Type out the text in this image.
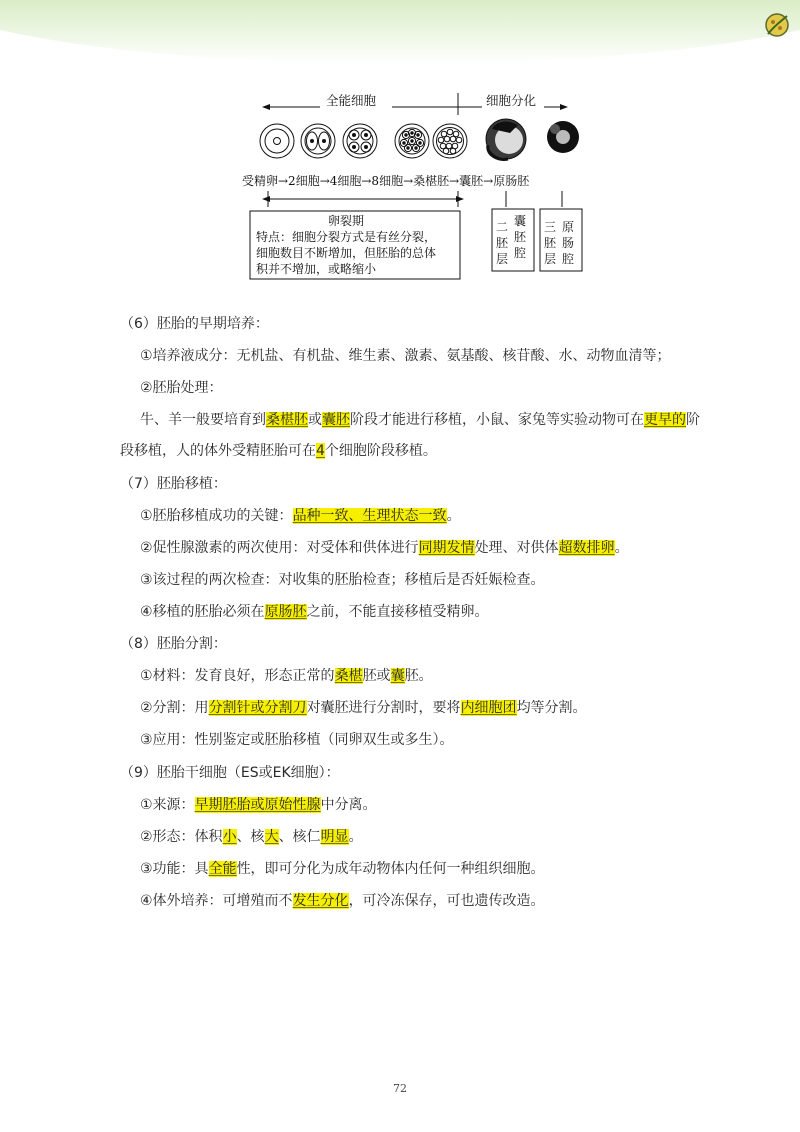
全能细胞	细胞分化
受精卵→2细胞→4细胞→8细胞→桑椹胚→囊胚→原肠胚
卵裂期
特点：细胞分裂方式是有丝分裂，
细胞数目不断增加，但胚胎的总体
积并不增加，或略缩小
二
胚
层
囊
胚
腔
三
胚
层
原
肠
腔
（6）胚胎的早期培养：
①培养液成分：无机盐、有机盐、维生素、激素、氨基酸、核苷酸、水、动物血清等；
②胚胎处理：
牛、羊一般要培育到桑椹胚或囊胚阶段才能进行移植，小鼠、家兔等实验动物可在更早的阶
段移植，人的体外受精胚胎可在4个细胞阶段移植。
（7）胚胎移植：
①胚胎移植成功的关键：品种一致、生理状态一致。
②促性腺激素的两次使用：对受体和供体进行同期发情处理、对供体超数排卵。
③该过程的两次检查：对收集的胚胎检查；移植后是否妊娠检查。
④移植的胚胎必须在原肠胚之前，不能直接移植受精卵。
（8）胚胎分割：
①材料：发育良好，形态正常的桑椹胚或囊胚。
②分割：用分割针或分割刀对囊胚进行分割时，要将内细胞团均等分割。
③应用：性别鉴定或胚胎移植（同卵双生或多生）。
（9）胚胎干细胞（ES或EK细胞）：
①来源：早期胚胎或原始性腺中分离。
②形态：体积小、核大、核仁明显。
③功能：具全能性，即可分化为成年动物体内任何一种组织细胞。
④体外培养：可增殖而不发生分化，可冷冻保存，可也遗传改造。
72
